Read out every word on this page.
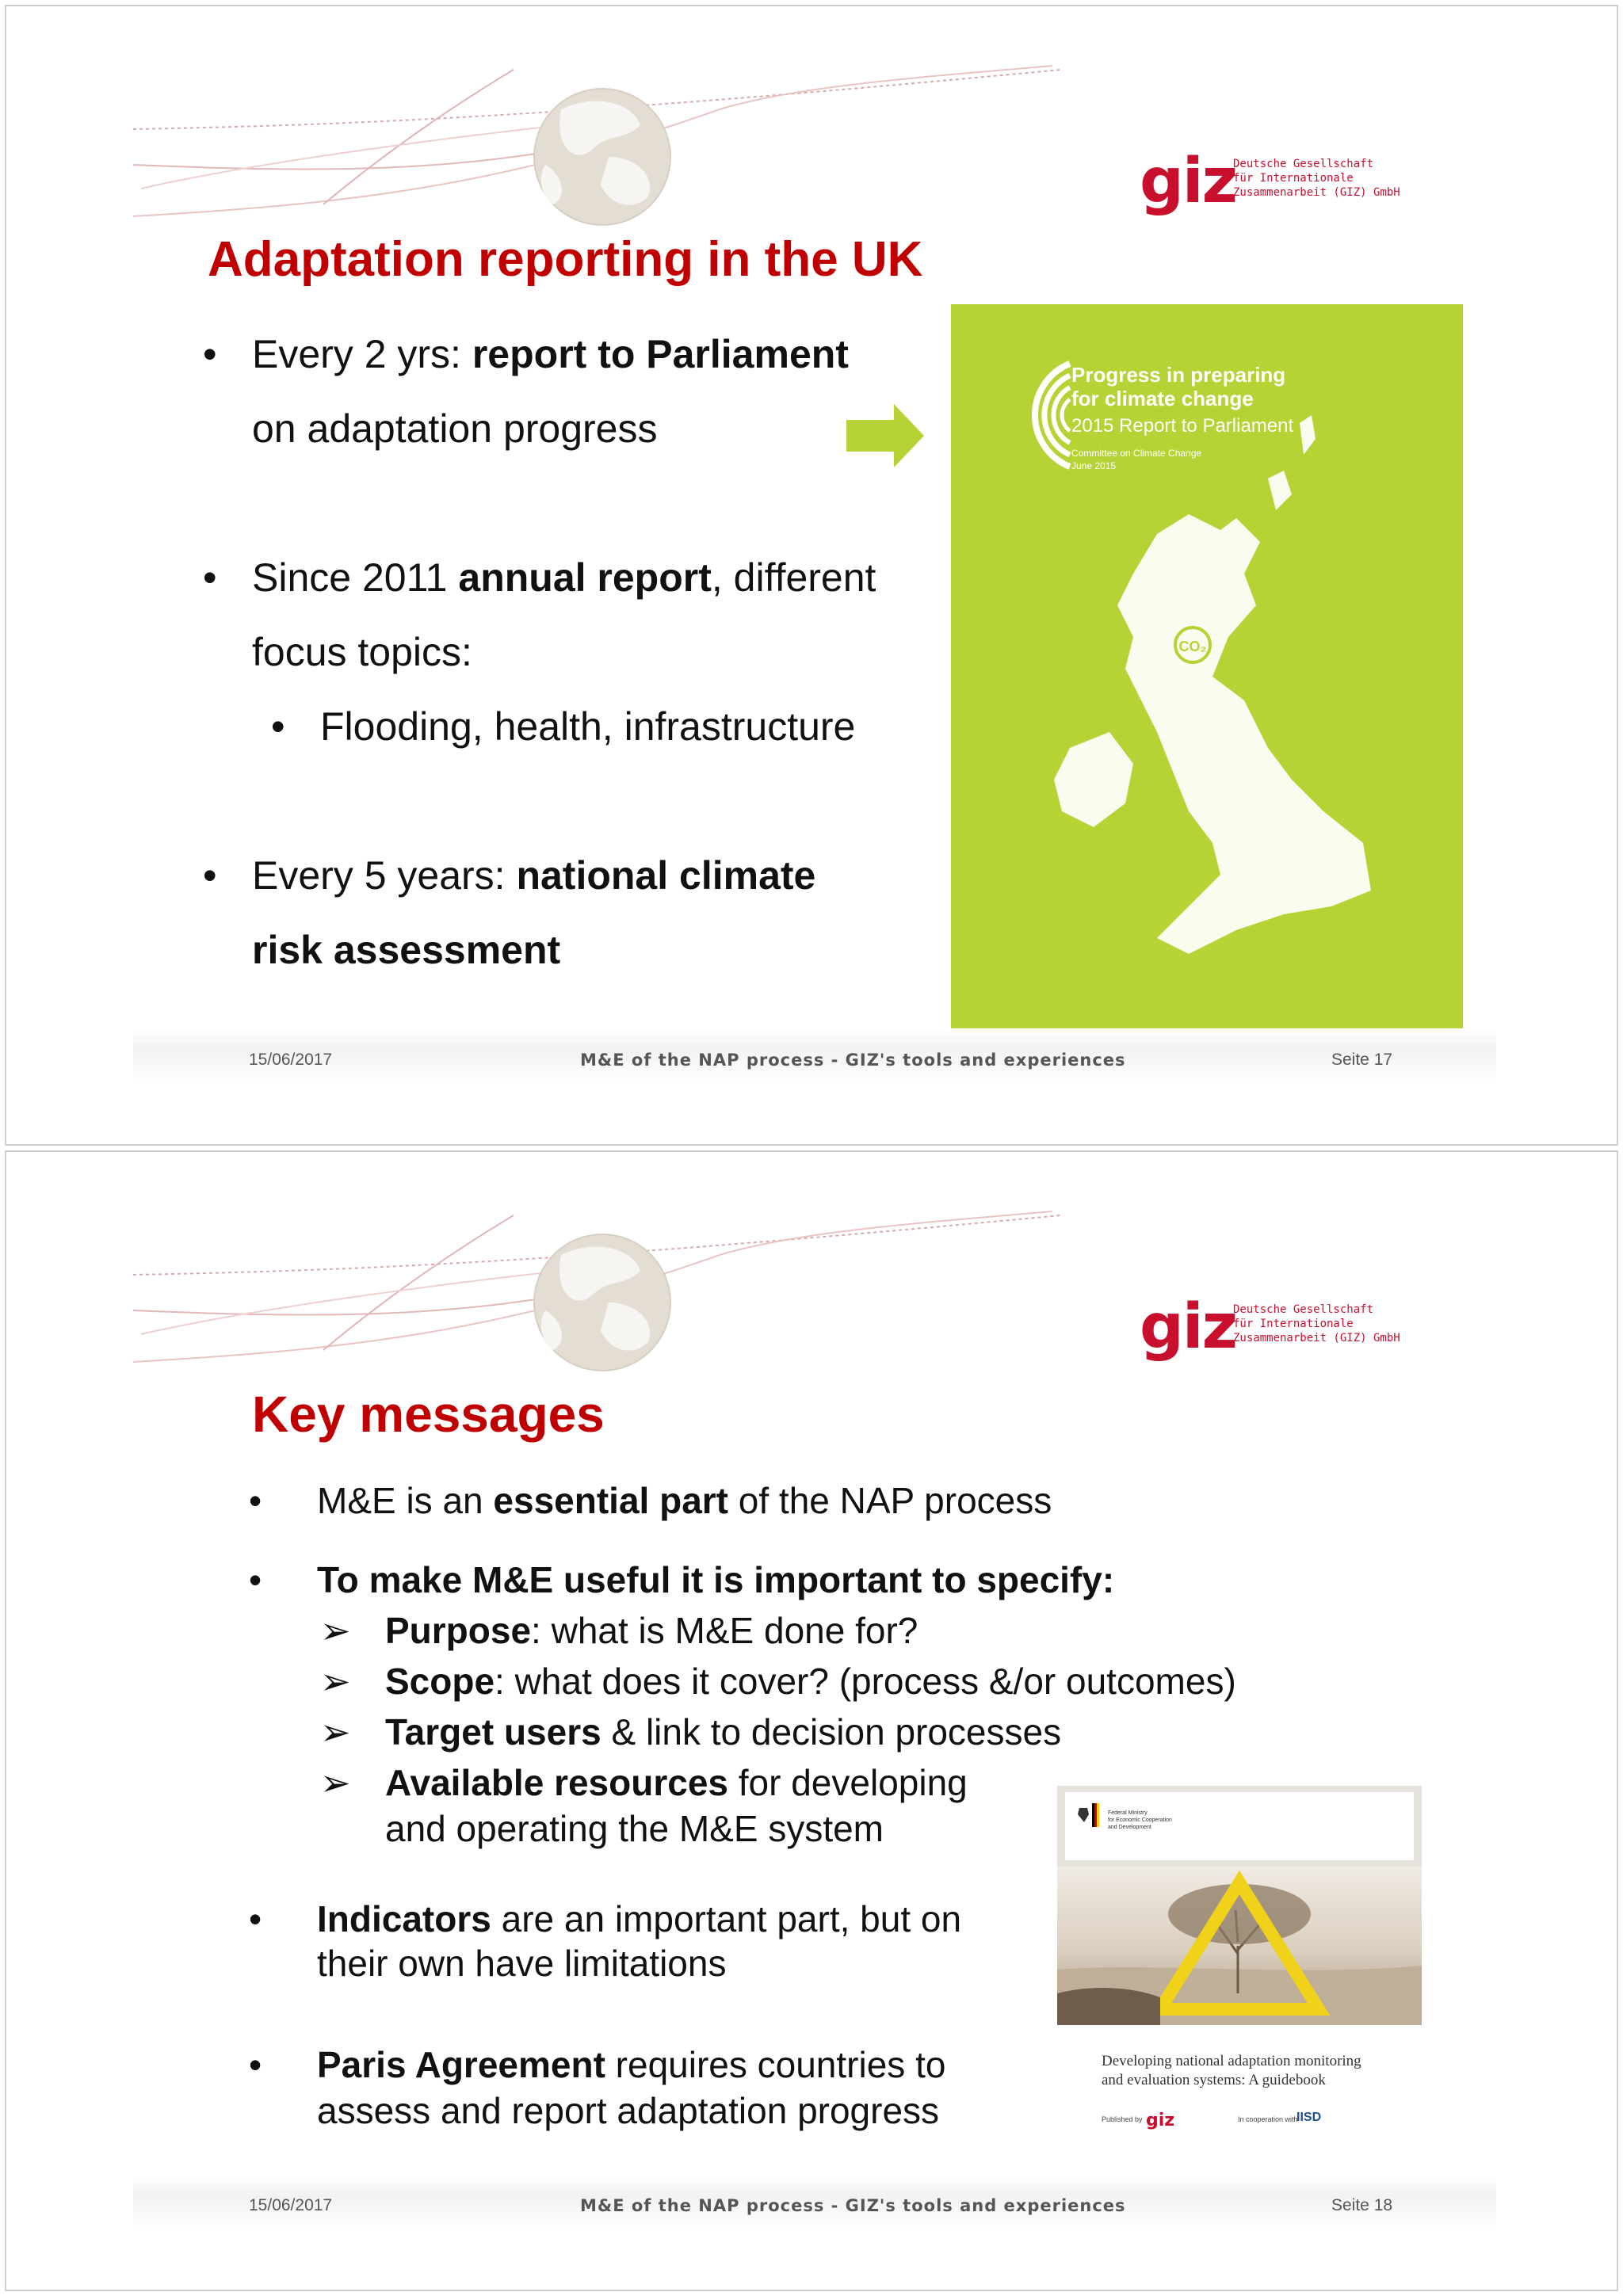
giz
Deutsche Gesellschaft
für Internationale
Zusammenarbeit (GIZ) GmbH
Adaptation reporting in the UK
• Every 2 yrs: report to Parliament
on adaptation progress
• Since 2011 annual report, different
focus topics:
• Flooding, health, infrastructure
• Every 5 years: national climate
risk assessment
Progress in preparing
for climate change
2015 Report to Parliament
Committee on Climate Change
June 2015
CO₂
15/06/2017	M&E of the NAP process - GIZ's tools and experiences	Seite 17
giz
Deutsche Gesellschaft
für Internationale
Zusammenarbeit (GIZ) GmbH
Key messages
• M&E is an essential part of the NAP process
• To make M&E useful it is important to specify:
➢ Purpose: what is M&E done for?
➢ Scope: what does it cover? (process &/or outcomes)
➢ Target users & link to decision processes
➢ Available resources for developing
and operating the M&E system
• Indicators are an important part, but on
their own have limitations
• Paris Agreement requires countries to
assess and report adaptation progress
Federal Ministry
for Economic Cooperation
and Development
Developing national adaptation monitoring
and evaluation systems: A guidebook
Published by giz	In cooperation with
IISD
15/06/2017	M&E of the NAP process - GIZ's tools and experiences	Seite 18
